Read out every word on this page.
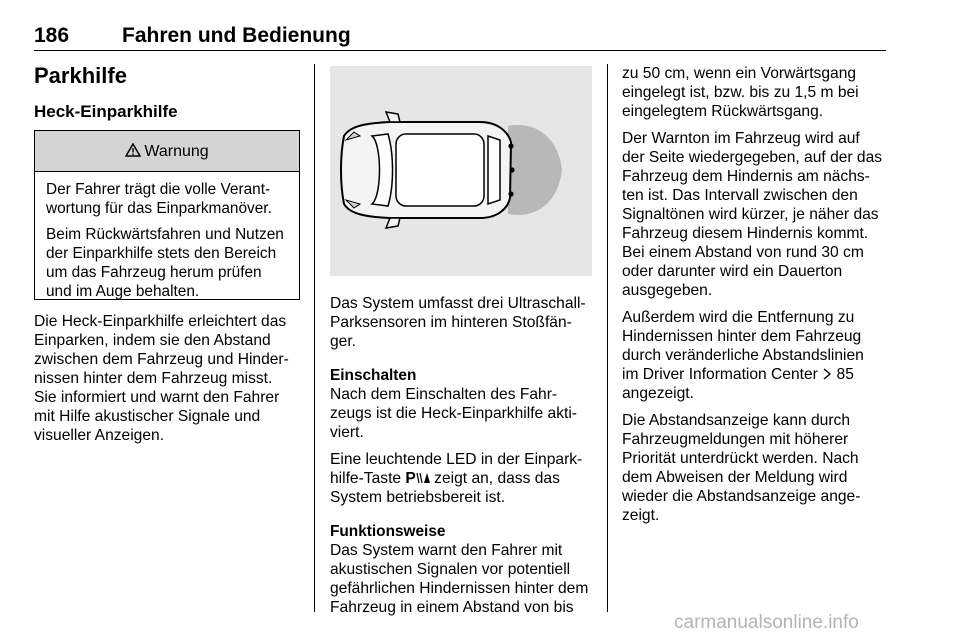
186	Fahren und Bedienung
Parkhilfe
Heck-Einparkhilfe
Warnung

Der Fahrer trägt die volle Verant- wortung für das Einparkmanöver.

Beim Rückwärtsfahren und Nutzen der Einparkhilfe stets den Bereich um das Fahrzeug herum prüfen und im Auge behalten.

Die Heck-Einparkhilfe erleichtert das
Einparken, indem sie den Abstand
zwischen dem Fahrzeug und Hinder-
nissen hinter dem Fahrzeug misst.
Sie informiert und warnt den Fahrer
mit Hilfe akustischer Signale und
visueller Anzeigen.

Das System umfasst drei Ultraschall-
Parksensoren im hinteren Stoßfän-
ger.

Einschalten
Nach dem Einschalten des Fahr-
zeugs ist die Heck-Einparkhilfe akti-
viert.

Eine leuchtende LED in der Einpark-
hilfe-Taste P zeigt an, dass das
System betriebsbereit ist.

Funktionsweise
Das System warnt den Fahrer mit
akustischen Signalen vor potentiell
gefährlichen Hindernissen hinter dem
Fahrzeug in einem Abstand von bis

zu 50 cm, wenn ein Vorwärtsgang
eingelegt ist, bzw. bis zu 1,5 m bei
eingelegtem Rückwärtsgang.

Der Warnton im Fahrzeug wird auf
der Seite wiedergegeben, auf der das
Fahrzeug dem Hindernis am nächs-
ten ist. Das Intervall zwischen den
Signaltönen wird kürzer, je näher das
Fahrzeug diesem Hindernis kommt.
Bei einem Abstand von rund 30 cm
oder darunter wird ein Dauerton
ausgegeben.

Außerdem wird die Entfernung zu
Hindernissen hinter dem Fahrzeug
durch veränderliche Abstandslinien
im Driver Information Center 85
angezeigt.

Die Abstandsanzeige kann durch
Fahrzeugmeldungen mit höherer
Priorität unterdrückt werden. Nach
dem Abweisen der Meldung wird
wieder die Abstandsanzeige ange-
zeigt.

carmanualsonline.info
